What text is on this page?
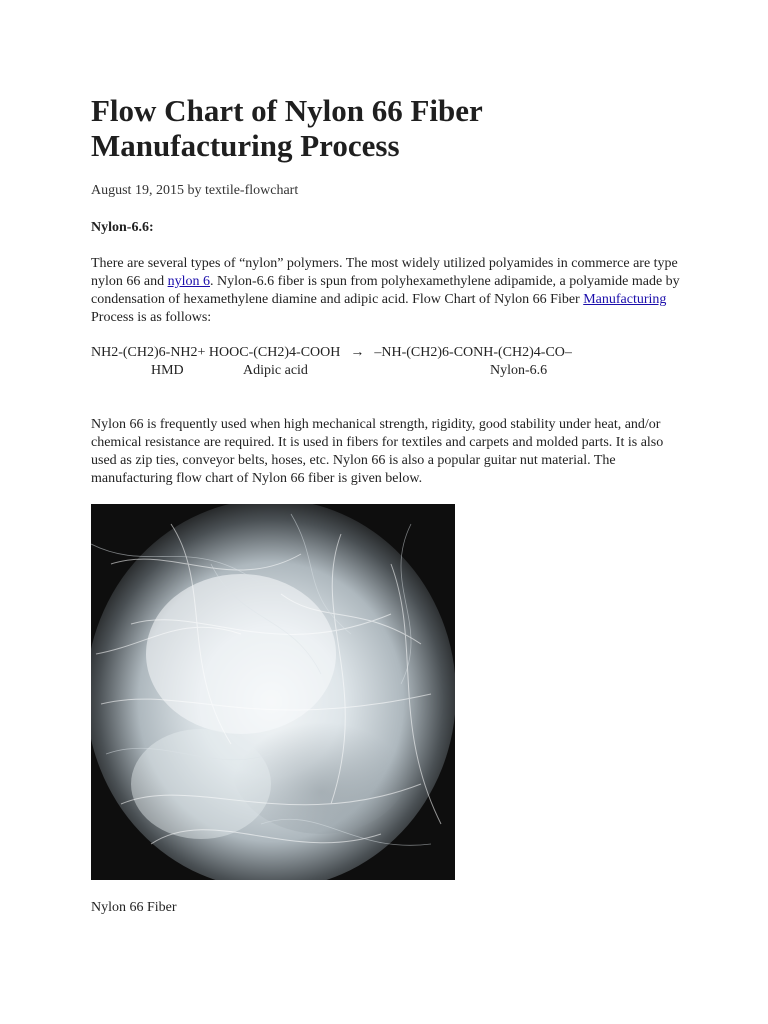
Flow Chart of Nylon 66 Fiber Manufacturing Process
August 19, 2015 by textile-flowchart
Nylon-6.6:

There are several types of “nylon” polymers. The most widely utilized polyamides in commerce are type nylon 66 and nylon 6. Nylon-6.6 fiber is spun from polyhexamethylene adipamide, a polyamide made by condensation of hexamethylene diamine and adipic acid. Flow Chart of Nylon 66 Fiber Manufacturing Process is as follows:

NH2-(CH2)6-NH2+ HOOC-(CH2)4-COOH → –NH-(CH2)6-CONH-(CH2)4-CO–
HMD	Adipic acid	Nylon-6.6

Nylon 66 is frequently used when high mechanical strength, rigidity, good stability under heat, and/or chemical resistance are required. It is used in fibers for textiles and carpets and molded parts. It is also used as zip ties, conveyor belts, hoses, etc. Nylon 66 is also a popular guitar nut material. The manufacturing flow chart of Nylon 66 fiber is given below.

Nylon 66 Fiber
